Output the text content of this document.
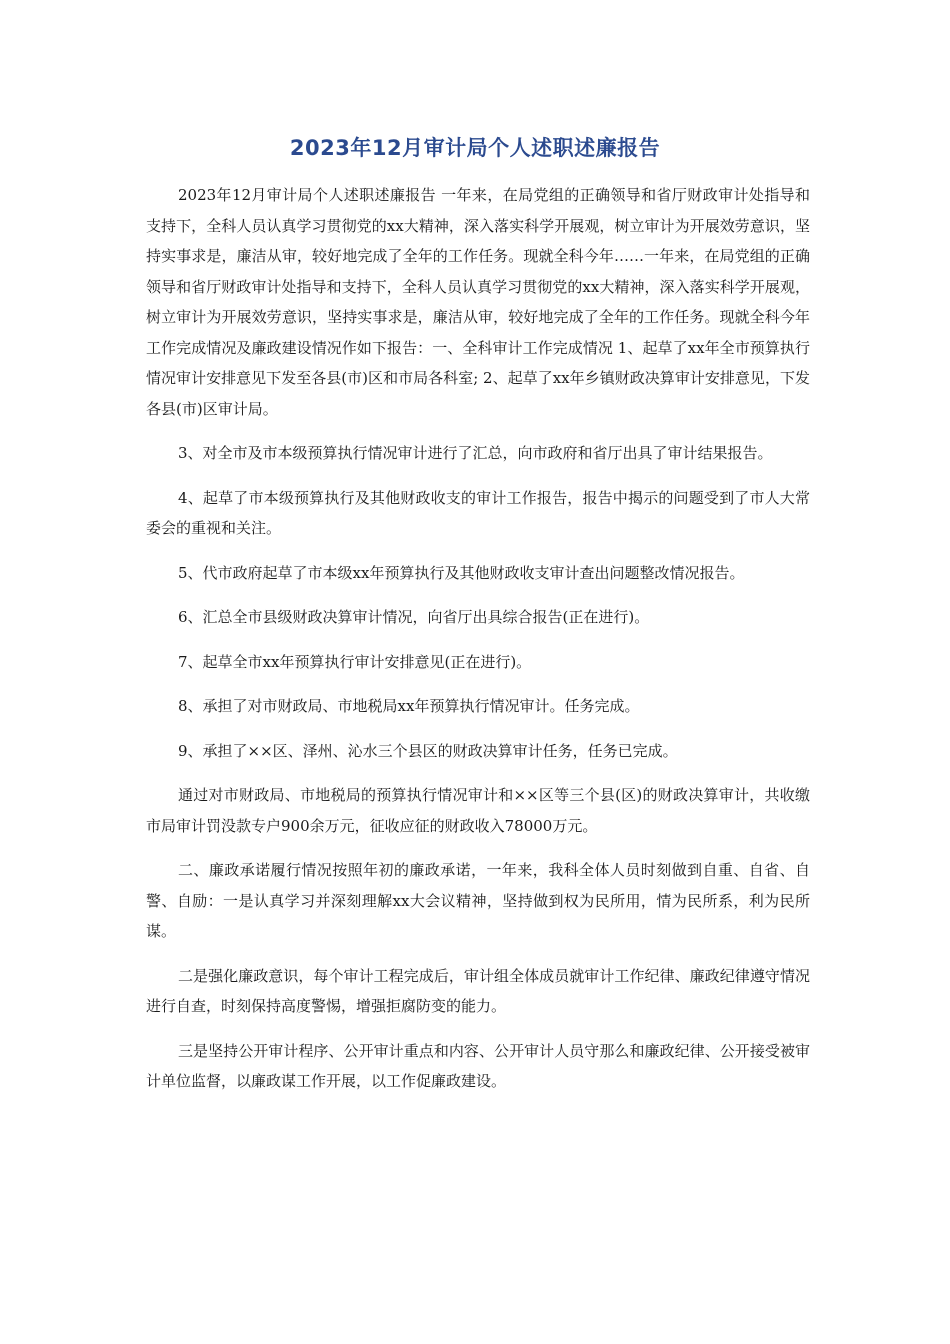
2023年12月审计局个人述职述廉报告

2023年12月审计局个人述职述廉报告 一年来，在局党组的正确领导和省厅财政审计处指导和支持下，全科人员认真学习贯彻党的xx大精神，深入落实科学开展观，树立审计为开展效劳意识，坚持实事求是，廉洁从审，较好地完成了全年的工作任务。现就全科今年……一年来，在局党组的正确领导和省厅财政审计处指导和支持下，全科人员认真学习贯彻党的xx大精神，深入落实科学开展观，树立审计为开展效劳意识，坚持实事求是，廉洁从审，较好地完成了全年的工作任务。现就全科今年工作完成情况及廉政建设情况作如下报告：一、全科审计工作完成情况 1、起草了xx年全市预算执行情况审计安排意见下发至各县(市)区和市局各科室; 2、起草了xx年乡镇财政决算审计安排意见，下发各县(市)区审计局。

3、对全市及市本级预算执行情况审计进行了汇总，向市政府和省厅出具了审计结果报告。

4、起草了市本级预算执行及其他财政收支的审计工作报告，报告中揭示的问题受到了市人大常委会的重视和关注。

5、代市政府起草了市本级xx年预算执行及其他财政收支审计查出问题整改情况报告。

6、汇总全市县级财政决算审计情况，向省厅出具综合报告(正在进行)。

7、起草全市xx年预算执行审计安排意见(正在进行)。

8、承担了对市财政局、市地税局xx年预算执行情况审计。任务完成。

9、承担了××区、泽州、沁水三个县区的财政决算审计任务，任务已完成。

通过对市财政局、市地税局的预算执行情况审计和××区等三个县(区)的财政决算审计，共收缴市局审计罚没款专户900余万元，征收应征的财政收入78000万元。

二、廉政承诺履行情况按照年初的廉政承诺，一年来，我科全体人员时刻做到自重、自省、自警、自励：一是认真学习并深刻理解xx大会议精神，坚持做到权为民所用，情为民所系，利为民所谋。

二是强化廉政意识，每个审计工程完成后，审计组全体成员就审计工作纪律、廉政纪律遵守情况进行自查，时刻保持高度警惕，增强拒腐防变的能力。

三是坚持公开审计程序、公开审计重点和内容、公开审计人员守那么和廉政纪律、公开接受被审计单位监督，以廉政谋工作开展，以工作促廉政建设。
